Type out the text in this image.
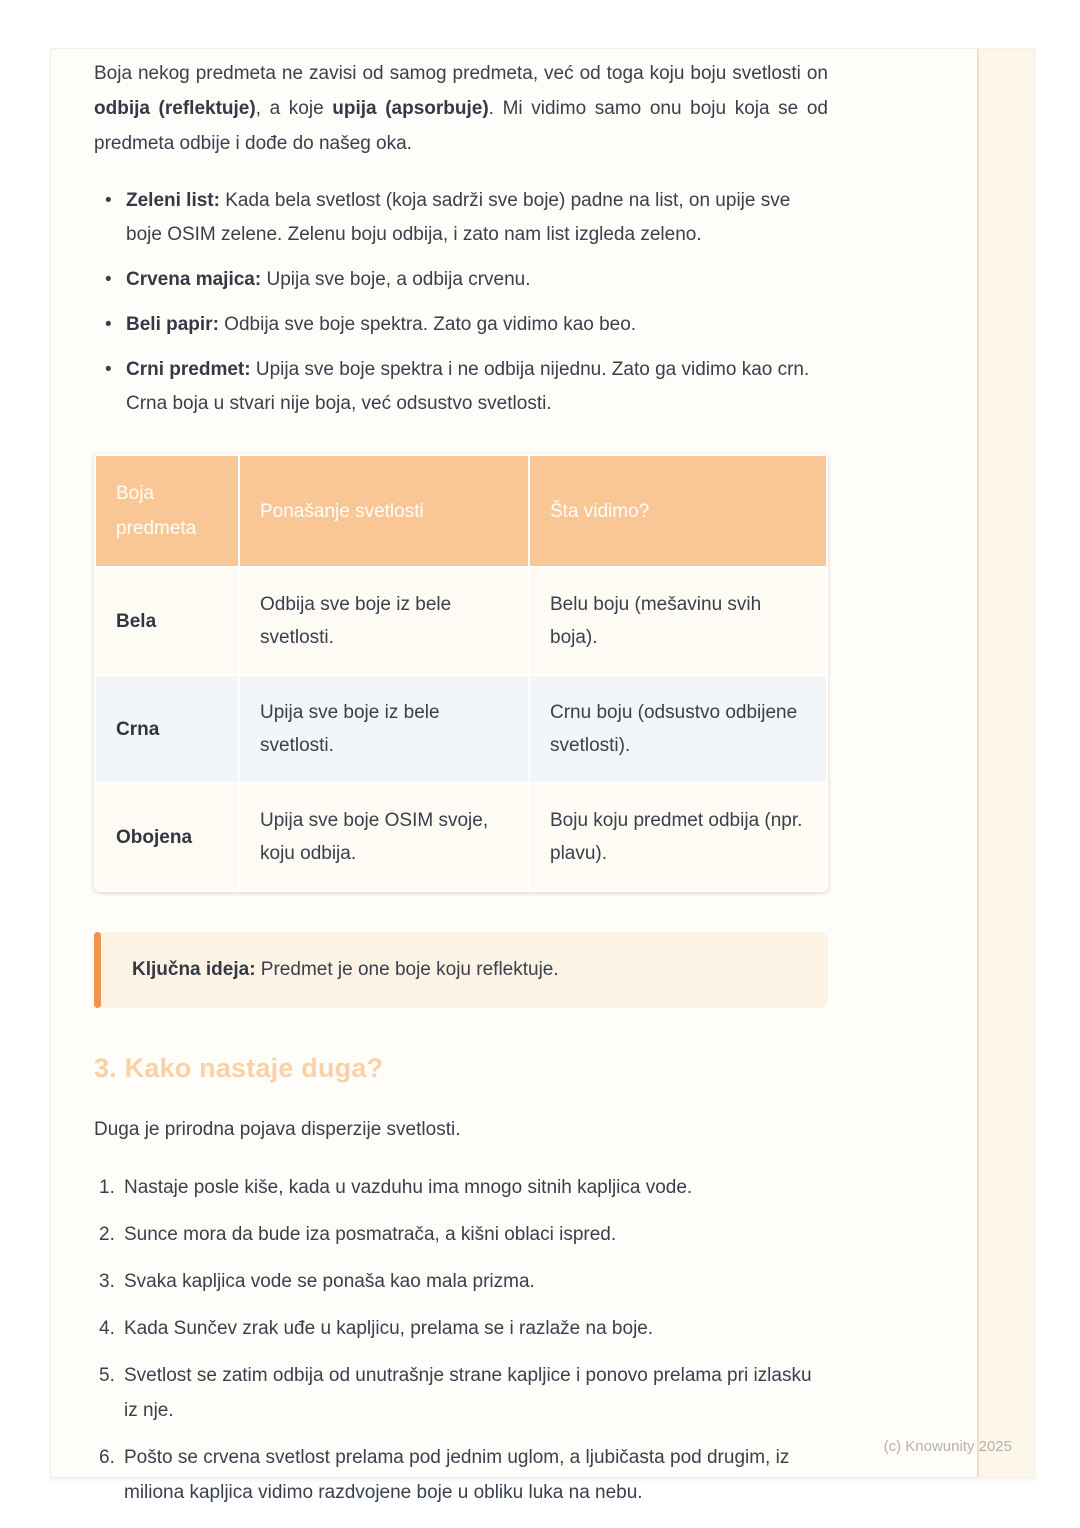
Boja nekog predmeta ne zavisi od samog predmeta, već od toga koju boju svetlosti on odbija (reflektuje), a koje upija (apsorbuje). Mi vidimo samo onu boju koja se od predmeta odbije i dođe do našeg oka.

• Zeleni list: Kada bela svetlost (koja sadrži sve boje) padne na list, on upije sve boje OSIM zelene. Zelenu boju odbija, i zato nam list izgleda zeleno.
• Crvena majica: Upija sve boje, a odbija crvenu.
• Beli papir: Odbija sve boje spektra. Zato ga vidimo kao beo.
• Crni predmet: Upija sve boje spektra i ne odbija nijednu. Zato ga vidimo kao crn. Crna boja u stvari nije boja, već odsustvo svetlosti.
Boja predmeta	Ponašanje svetlosti	Šta vidimo?
Bela	Odbija sve boje iz bele svetlosti.	Belu boju (mešavinu svih boja).
Crna	Upija sve boje iz bele svetlosti.	Crnu boju (odsustvo odbijene svetlosti).
Obojena	Upija sve boje OSIM svoje, koju odbija.	Boju koju predmet odbija (npr. plavu).
Ključna ideja: Predmet je one boje koju reflektuje.
3. Kako nastaje duga?

Duga je prirodna pojava disperzije svetlosti.

1. Nastaje posle kiše, kada u vazduhu ima mnogo sitnih kapljica vode.
2. Sunce mora da bude iza posmatrača, a kišni oblaci ispred.
3. Svaka kapljica vode se ponaša kao mala prizma.
4. Kada Sunčev zrak uđe u kapljicu, prelama se i razlaže na boje.
5. Svetlost se zatim odbija od unutrašnje strane kapljice i ponovo prelama pri izlasku iz nje.
6. Pošto se crvena svetlost prelama pod jednim uglom, a ljubičasta pod drugim, iz miliona kapljica vidimo razdvojene boje u obliku luka na nebu.
(c) Knowunity 2025
